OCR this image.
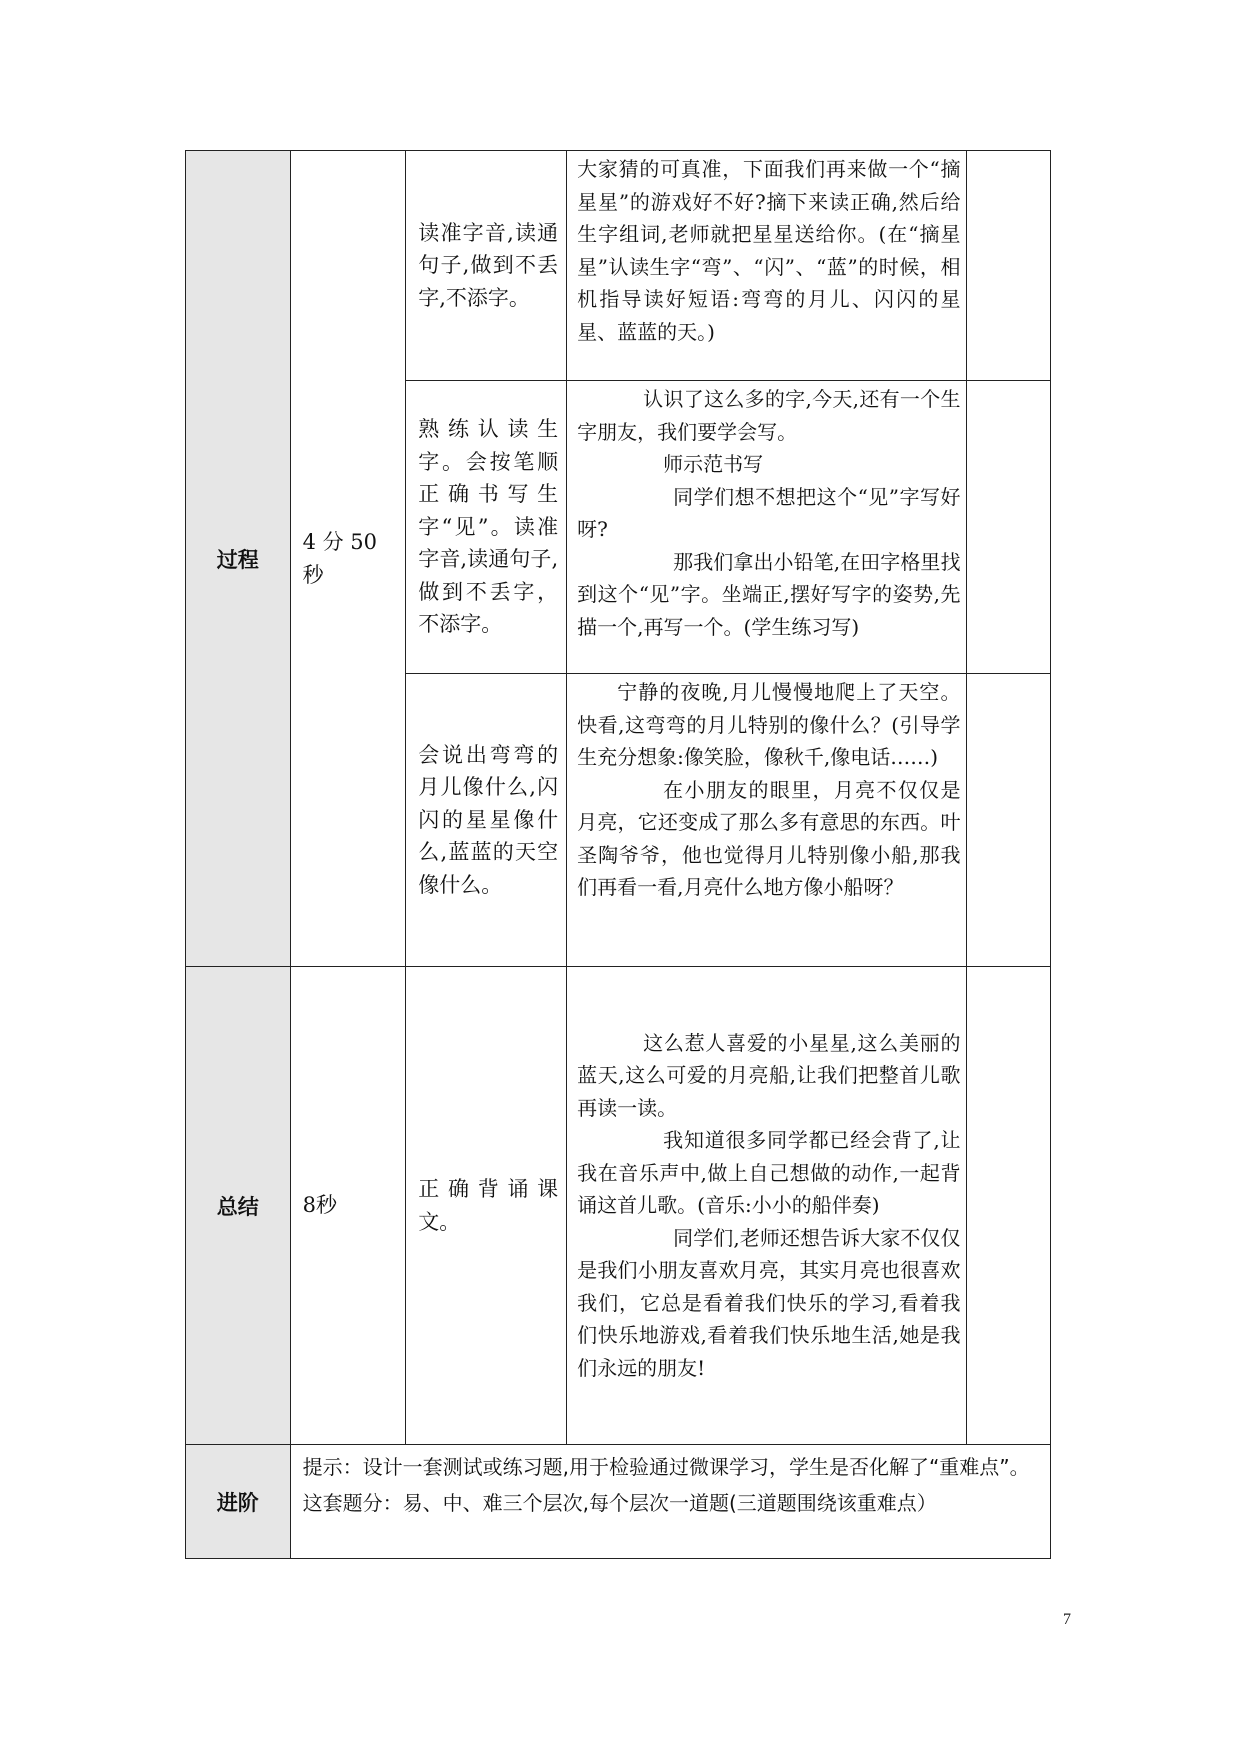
过程	4 分 50 秒	读准字音,读通句子,做到不丢字,不添字。	大家猜的可真准，下面我们再来做一个“摘星星”的游戏好不好?摘下来读正确,然后给生字组词,老师就把星星送给你。(在“摘星星”认读生字“弯”、“闪”、“蓝”的时候，相机指导读好短语:弯弯的月儿、闪闪的星星、蓝蓝的天。)	

		熟练认读生字。会按笔顺正确书写生字“见”。读准字音,读通句子,做到不丢字，不添字。	认识了这么多的字,今天,还有一个生字朋友，我们要学会写。

师示范书写

同学们想不想把这个“见”字写好呀?

那我们拿出小铅笔,在田字格里找到这个“见”字。坐端正,摆好写字的姿势,先描一个,再写一个。(学生练习写)	

		会说出弯弯的月儿像什么,闪闪的星星像什么,蓝蓝的天空像什么。	宁静的夜晚,月儿慢慢地爬上了天空。快看,这弯弯的月儿特别的像什么？(引导学生充分想象:像笑脸，像秋千,像电话……)

在小朋友的眼里，月亮不仅仅是月亮，它还变成了那么多有意思的东西。叶圣陶爷爷，他也觉得月儿特别像小船,那我们再看一看,月亮什么地方像小船呀？	

总结	8秒	正确背诵课文。	这么惹人喜爱的小星星,这么美丽的蓝天,这么可爱的月亮船,让我们把整首儿歌再读一读。

我知道很多同学都已经会背了,让我在音乐声中,做上自己想做的动作,一起背诵这首儿歌。(音乐:小小的船伴奏)

同学们,老师还想告诉大家不仅仅是我们小朋友喜欢月亮，其实月亮也很喜欢我们，它总是看着我们快乐的学习,看着我们快乐地游戏,看着我们快乐地生活,她是我们永远的朋友!	

进阶	提示：设计一套测试或练习题,用于检验通过微课学习，学生是否化解了“重难点”。这套题分：易、中、难三个层次,每个层次一道题(三道题围绕该重难点）			
7
